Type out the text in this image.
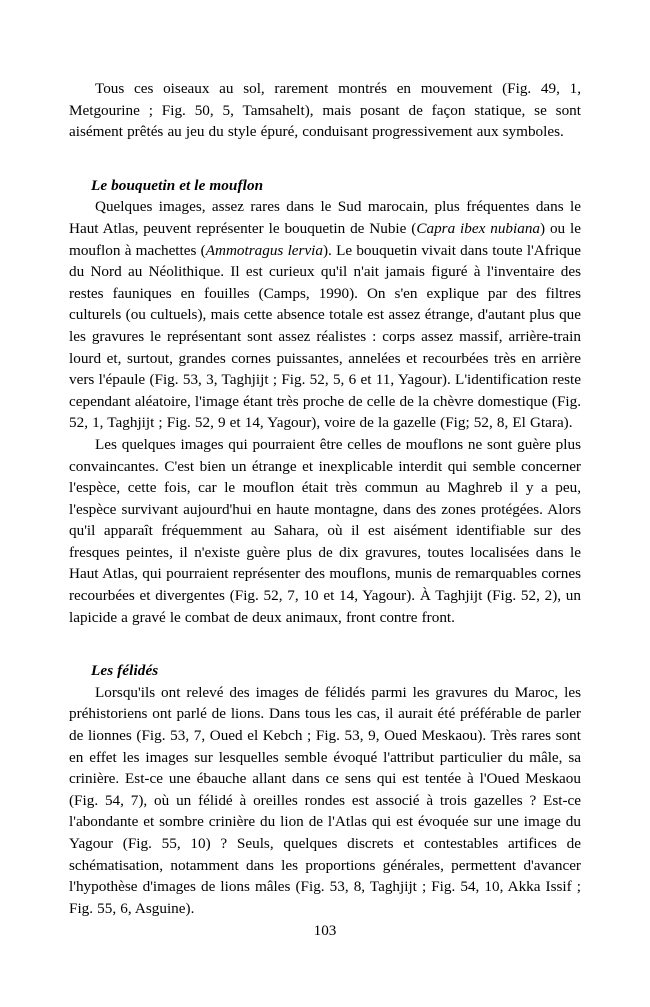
Tous ces oiseaux au sol, rarement montrés en mouvement (Fig. 49, 1, Metgourine ; Fig. 50, 5, Tamsahelt), mais posant de façon statique, se sont aisément prêtés au jeu du style épuré, conduisant progressivement aux symboles.

Le bouquetin et le mouflon

Quelques images, assez rares dans le Sud marocain, plus fréquentes dans le Haut Atlas, peuvent représenter le bouquetin de Nubie (Capra ibex nubiana) ou le mouflon à machettes (Ammotragus lervia). Le bouquetin vivait dans toute l'Afrique du Nord au Néolithique. Il est curieux qu'il n'ait jamais figuré à l'inventaire des restes fauniques en fouilles (Camps, 1990). On s'en explique par des filtres culturels (ou cultuels), mais cette absence totale est assez étrange, d'autant plus que les gravures le représentant sont assez réalistes : corps assez massif, arrière-train lourd et, surtout, grandes cornes puissantes, annelées et recourbées très en arrière vers l'épaule (Fig. 53, 3, Taghjijt ; Fig. 52, 5, 6 et 11, Yagour). L'identification reste cependant aléatoire, l'image étant très proche de celle de la chèvre domestique (Fig. 52, 1, Taghjijt ; Fig. 52, 9 et 14, Yagour), voire de la gazelle (Fig; 52, 8, El Gtara).

Les quelques images qui pourraient être celles de mouflons ne sont guère plus convaincantes. C'est bien un étrange et inexplicable interdit qui semble concerner l'espèce, cette fois, car le mouflon était très commun au Maghreb il y a peu, l'espèce survivant aujourd'hui en haute montagne, dans des zones protégées. Alors qu'il apparaît fréquemment au Sahara, où il est aisément identifiable sur des fresques peintes, il n'existe guère plus de dix gravures, toutes localisées dans le Haut Atlas, qui pourraient représenter des mouflons, munis de remarquables cornes recourbées et divergentes (Fig. 52, 7, 10 et 14, Yagour). À Taghjijt (Fig. 52, 2), un lapicide a gravé le combat de deux animaux, front contre front.

Les félidés

Lorsqu'ils ont relevé des images de félidés parmi les gravures du Maroc, les préhistoriens ont parlé de lions. Dans tous les cas, il aurait été préférable de parler de lionnes (Fig. 53, 7, Oued el Kebch ; Fig. 53, 9, Oued Meskaou). Très rares sont en effet les images sur lesquelles semble évoqué l'attribut particulier du mâle, sa crinière. Est-ce une ébauche allant dans ce sens qui est tentée à l'Oued Meskaou (Fig. 54, 7), où un félidé à oreilles rondes est associé à trois gazelles ? Est-ce l'abondante et sombre crinière du lion de l'Atlas qui est évoquée sur une image du Yagour (Fig. 55, 10) ? Seuls, quelques discrets et contestables artifices de schématisation, notamment dans les proportions générales, permettent d'avancer l'hypothèse d'images de lions mâles (Fig. 53, 8, Taghjijt ; Fig. 54, 10, Akka Issif ; Fig. 55, 6, Asguine).

103
